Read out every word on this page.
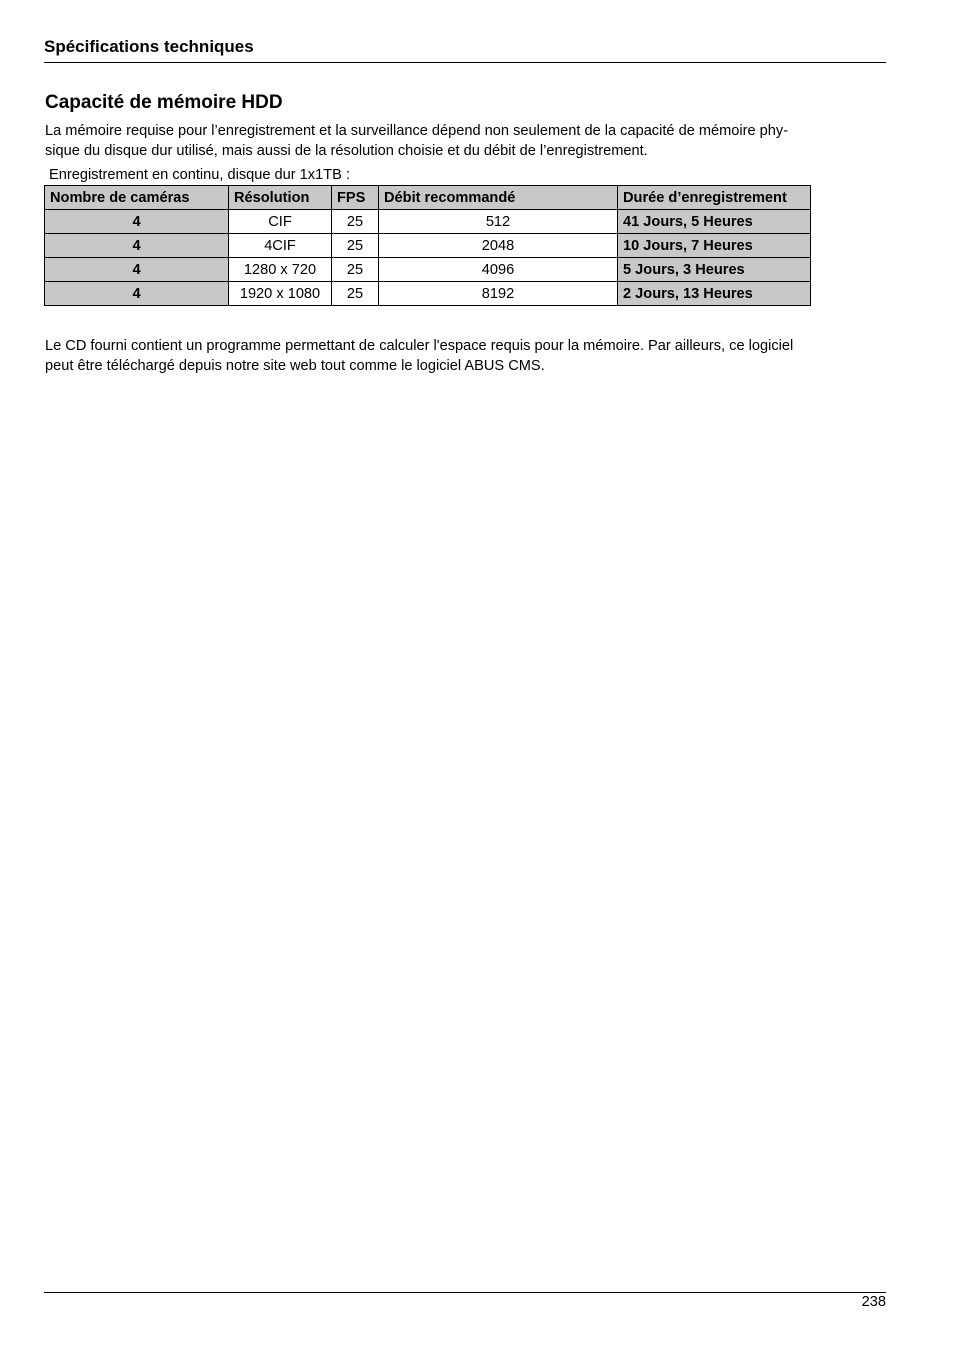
Spécifications techniques
Capacité de mémoire HDD

La mémoire requise pour l’enregistrement et la surveillance dépend non seulement de la capacité de mémoire phy-
sique du disque dur utilisé, mais aussi de la résolution choisie et du débit de l’enregistrement.

Enregistrement en continu, disque dur 1x1TB :

Nombre de caméras	Résolution	FPS	Débit recommandé	Durée d’enregistrement
4	CIF	25	512	41 Jours, 5 Heures
4	4CIF	25	2048	10 Jours, 7 Heures
4	1280 x 720	25	4096	5 Jours, 3 Heures
4	1920 x 1080	25	8192	2 Jours, 13 Heures

Le CD fourni contient un programme permettant de calculer l'espace requis pour la mémoire. Par ailleurs, ce logiciel
peut être téléchargé depuis notre site web tout comme le logiciel ABUS CMS.

238
